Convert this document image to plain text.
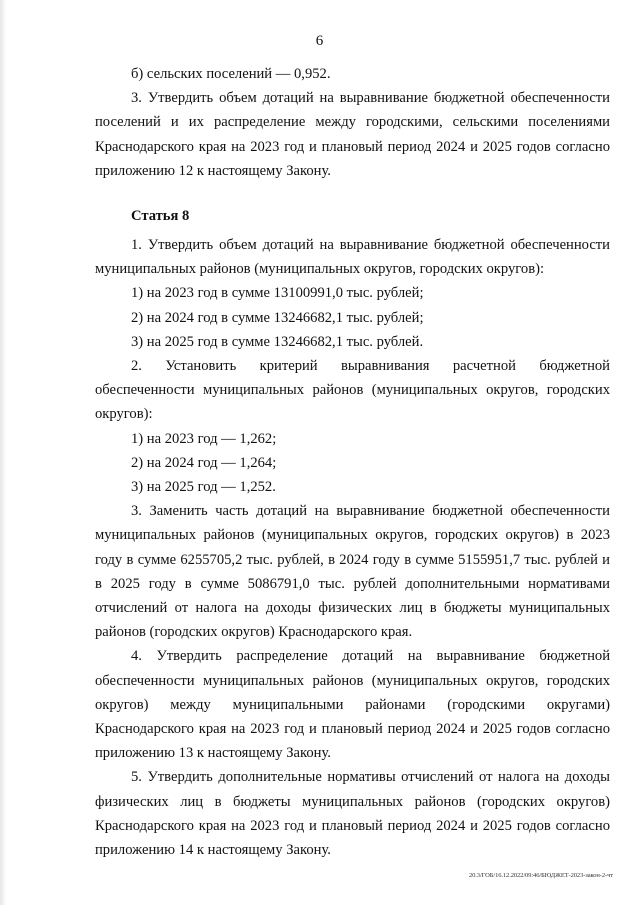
6

б) сельских поселений — 0,952.

3. Утвердить объем дотаций на выравнивание бюджетной обеспеченности поселений и их распределение между городскими, сельскими поселениями Краснодарского края на 2023 год и плановый период 2024 и 2025 годов согласно приложению 12 к настоящему Закону.

Статья 8

1. Утвердить объем дотаций на выравнивание бюджетной обеспеченности муниципальных районов (муниципальных округов, городских округов):

1) на 2023 год в сумме 13100991,0 тыс. рублей;

2) на 2024 год в сумме 13246682,1 тыс. рублей;

3) на 2025 год в сумме 13246682,1 тыс. рублей.

2. Установить критерий выравнивания расчетной бюджетной обеспеченности муниципальных районов (муниципальных округов, городских округов):

1) на 2023 год — 1,262;

2) на 2024 год — 1,264;

3) на 2025 год — 1,252.

3. Заменить часть дотаций на выравнивание бюджетной обеспеченности муниципальных районов (муниципальных округов, городских округов) в 2023 году в сумме 6255705,2 тыс. рублей, в 2024 году в сумме 5155951,7 тыс. рублей и в 2025 году в сумме 5086791,0 тыс. рублей дополнительными нормативами отчислений от налога на доходы физических лиц в бюджеты муниципальных районов (городских округов) Краснодарского края.

4. Утвердить распределение дотаций на выравнивание бюджетной обеспеченности муниципальных районов (муниципальных округов, городских округов) между муниципальными районами (городскими округами) Краснодарского края на 2023 год и плановый период 2024 и 2025 годов согласно приложению 13 к настоящему Закону.

5. Утвердить дополнительные нормативы отчислений от налога на доходы физических лиц в бюджеты муниципальных районов (городских округов) Краснодарского края на 2023 год и плановый период 2024 и 2025 годов согласно приложению 14 к настоящему Закону.

20.3/ГОБ/16.12.2022/09:46/БЮДЖЕТ-2023-закон-2-чт
